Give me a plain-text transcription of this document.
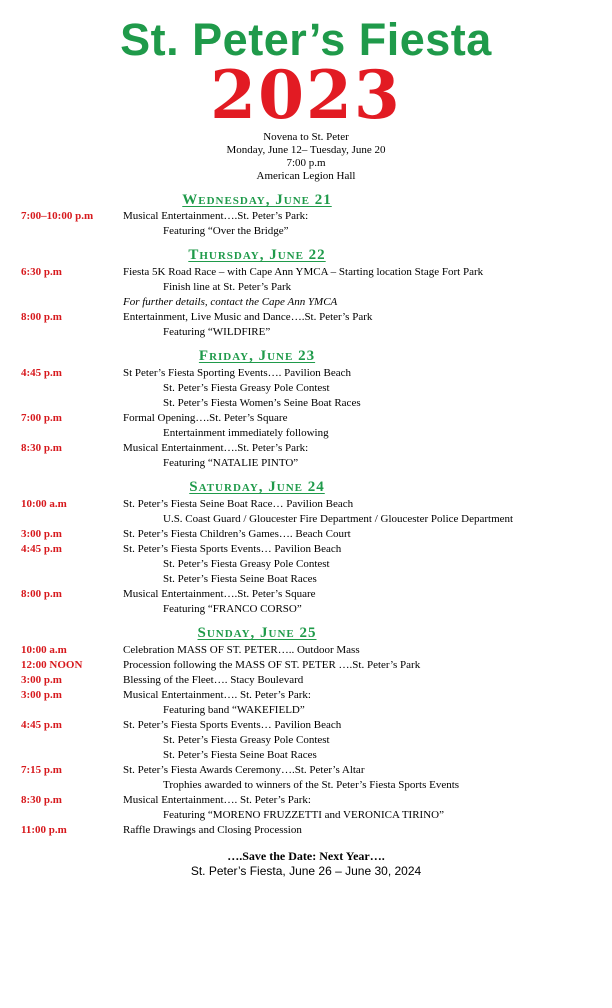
St. Peter’s Fiesta
2023
Novena to St. Peter
Monday, June 12– Tuesday, June 20
7:00 p.m
American Legion Hall
Wednesday, June 21
7:00–10:00 p.m	Musical Entertainment….St. Peter’s Park:
Featuring “Over the Bridge”
Thursday, June 22
6:30 p.m	Fiesta 5K Road Race – with Cape Ann YMCA – Starting location Stage Fort Park
Finish line at St. Peter’s Park
For further details, contact the Cape Ann YMCA
8:00 p.m	Entertainment, Live Music and Dance….St. Peter’s Park
Featuring “WILDFIRE”
Friday, June 23
4:45 p.m	St Peter’s Fiesta Sporting Events…. Pavilion Beach
St. Peter’s Fiesta Greasy Pole Contest
St. Peter’s Fiesta Women’s Seine Boat Races
7:00 p.m	Formal Opening….St. Peter’s Square
Entertainment immediately following
8:30 p.m	Musical Entertainment….St. Peter’s Park:
Featuring “NATALIE PINTO”
Saturday, June 24
10:00 a.m	St. Peter’s Fiesta Seine Boat Race… Pavilion Beach
U.S. Coast Guard / Gloucester Fire Department / Gloucester Police Department
3:00 p.m	St. Peter’s Fiesta Children’s Games…. Beach Court
4:45 p.m	St. Peter’s Fiesta Sports Events… Pavilion Beach
St. Peter’s Fiesta Greasy Pole Contest
St. Peter’s Fiesta Seine Boat Races
8:00 p.m	Musical Entertainment….St. Peter’s Square
Featuring “FRANCO CORSO”
Sunday, June 25
10:00 a.m	Celebration MASS OF ST. PETER….. Outdoor Mass
12:00 NOON	Procession following the MASS OF ST. PETER ….St. Peter’s Park
3:00 p.m	Blessing of the Fleet…. Stacy Boulevard
3:00 p.m	Musical Entertainment…. St. Peter’s Park:
Featuring band “WAKEFIELD”
4:45 p.m	St. Peter’s Fiesta Sports Events… Pavilion Beach
St. Peter’s Fiesta Greasy Pole Contest
St. Peter’s Fiesta Seine Boat Races
7:15 p.m	St. Peter’s Fiesta Awards Ceremony….St. Peter’s Altar
Trophies awarded to winners of the St. Peter’s Fiesta Sports Events
8:30 p.m	Musical Entertainment…. St. Peter’s Park:
Featuring “MORENO FRUZZETTI and VERONICA TIRINO”
11:00 p.m	Raffle Drawings and Closing Procession
….Save the Date: Next Year….
St. Peter’s Fiesta, June 26 – June 30, 2024
